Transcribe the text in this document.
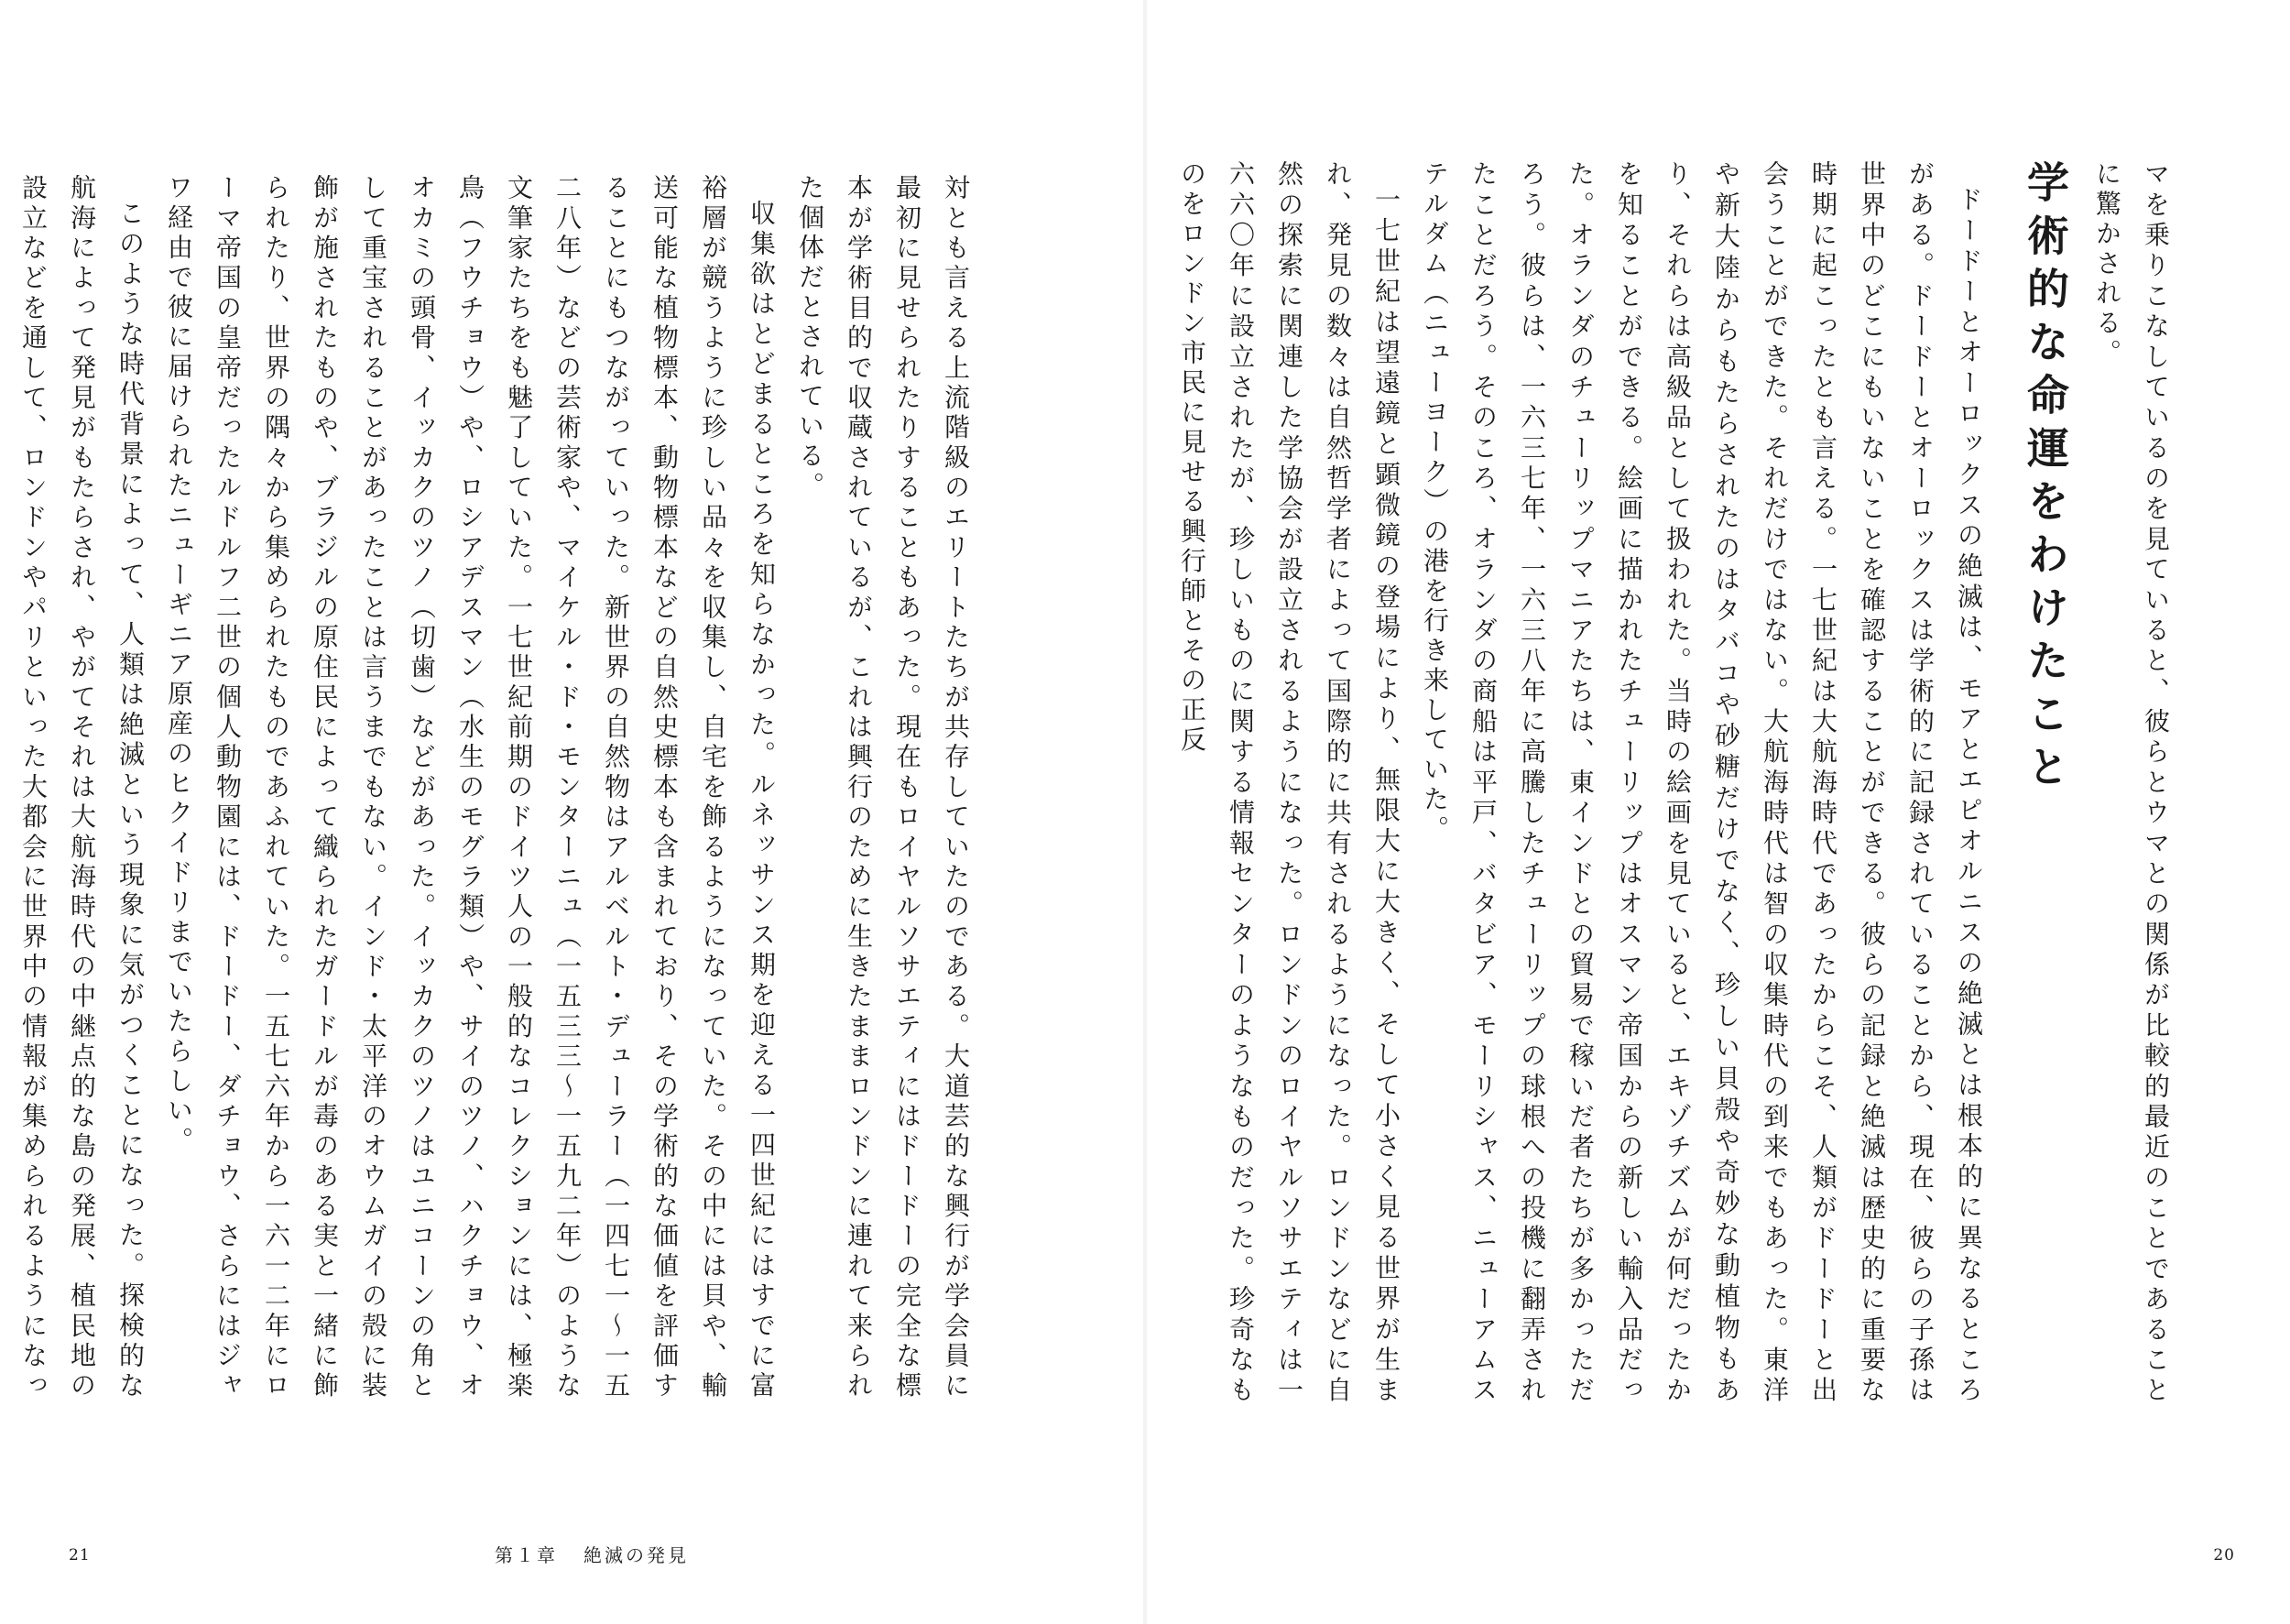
マを乗りこなしているのを見ていると、彼らとウマとの関係が比較的最近のことであることに驚かされる。

学術的な命運をわけたこと

ドードーとオーロックスの絶滅は、モアとエピオルニスの絶滅とは根本的に異なるところがある。ドードーとオーロックスは学術的に記録されていることから、現在、彼らの子孫は世界中のどこにもいないことを確認することができる。彼らの記録と絶滅は歴史的に重要な時期に起こったとも言える。一七世紀は大航海時代であったからこそ、人類がドードーと出会うことができた。それだけではない。大航海時代は智の収集時代の到来でもあった。東洋や新大陸からもたらされたのはタバコや砂糖だけでなく、珍しい貝殻や奇妙な動植物もあり、それらは高級品として扱われた。当時の絵画を見ていると、エキゾチズムが何だったかを知ることができる。絵画に描かれたチューリップはオスマン帝国からの新しい輸入品だった。オランダのチューリップマニアたちは、東インドとの貿易で稼いだ者たちが多かっただろう。彼らは、一六三七年、一六三八年に高騰したチューリップの球根への投機に翻弄されたことだろう。そのころ、オランダの商船は平戸、バタビア、モーリシャス、ニューアムステルダム（ニューヨーク）の港を行き来していた。

一七世紀は望遠鏡と顕微鏡の登場により、無限大に大きく、そして小さく見る世界が生まれ、発見の数々は自然哲学者によって国際的に共有されるようになった。ロンドンなどに自然の探索に関連した学協会が設立されるようになった。ロンドンのロイヤルソサエティは一六六〇年に設立されたが、珍しいものに関する情報センターのようなものだった。珍奇なものをロンドン市民に見せる興行師とその正反

20

対とも言える上流階級のエリートたちが共存していたのである。大道芸的な興行が学会員に最初に見せられたりすることもあった。現在もロイヤルソサエティにはドードーの完全な標本が学術目的で収蔵されているが、これは興行のために生きたままロンドンに連れて来られた個体だとされている。

収集欲はとどまるところを知らなかった。ルネッサンス期を迎える一四世紀にはすでに富裕層が競うように珍しい品々を収集し、自宅を飾るようになっていた。その中には貝や、輸送可能な植物標本、動物標本などの自然史標本も含まれており、その学術的な価値を評価することにもつながっていった。新世界の自然物はアルベルト・デューラー（一四七一〜一五二八年）などの芸術家や、マイケル・ド・モンターニュ（一五三三〜一五九二年）のような文筆家たちをも魅了していた。一七世紀前期のドイツ人の一般的なコレクションには、極楽鳥（フウチョウ）や、ロシアデスマン（水生のモグラ類）や、サイのツノ、ハクチョウ、オオカミの頭骨、イッカクのツノ（切歯）などがあった。イッカクのツノはユニコーンの角として重宝されることがあったことは言うまでもない。インド・太平洋のオウムガイの殻に装飾が施されたものや、ブラジルの原住民によって織られたガードルが毒のある実と一緒に飾られたり、世界の隅々から集められたものであふれていた。一五七六年から一六一二年にローマ帝国の皇帝だったルドルフ二世の個人動物園には、ドードー、ダチョウ、さらにはジャワ経由で彼に届けられたニューギニア原産のヒクイドリまでいたらしい。

このような時代背景によって、人類は絶滅という現象に気がつくことになった。探検的な航海によって発見がもたらされ、やがてそれは大航海時代の中継点的な島の発展、植民地の設立などを通して、ロンドンやパリといった大都会に世界中の情報が集められるようになっ

21	第１章 絶滅の発見
